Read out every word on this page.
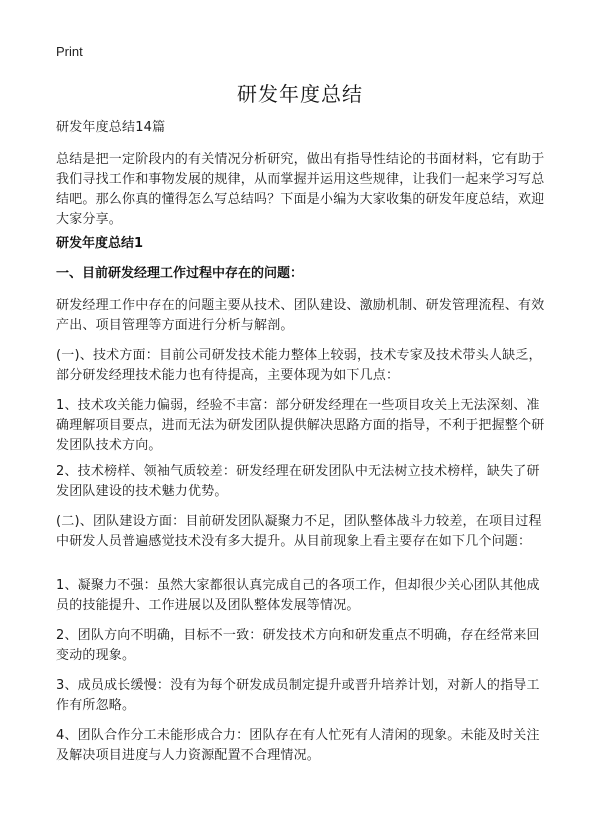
Print
研发年度总结

研发年度总结14篇

总结是把一定阶段内的有关情况分析研究，做出有指导性结论的书面材料，它有助于我们寻找工作和事物发展的规律，从而掌握并运用这些规律，让我们一起来学习写总结吧。那么你真的懂得怎么写总结吗？下面是小编为大家收集的研发年度总结，欢迎大家分享。

研发年度总结1

一、目前研发经理工作过程中存在的问题：

研发经理工作中存在的问题主要从技术、团队建设、激励机制、研发管理流程、有效产出、项目管理等方面进行分析与解剖。

(一)、技术方面：目前公司研发技术能力整体上较弱，技术专家及技术带头人缺乏，部分研发经理技术能力也有待提高，主要体现为如下几点：

1、技术攻关能力偏弱，经验不丰富：部分研发经理在一些项目攻关上无法深刻、准确理解项目要点，进而无法为研发团队提供解决思路方面的指导，不利于把握整个研发团队技术方向。

2、技术榜样、领袖气质较差：研发经理在研发团队中无法树立技术榜样，缺失了研发团队建设的技术魅力优势。

(二)、团队建设方面：目前研发团队凝聚力不足，团队整体战斗力较差，在项目过程中研发人员普遍感觉技术没有多大提升。从目前现象上看主要存在如下几个问题：

1、凝聚力不强：虽然大家都很认真完成自己的各项工作，但却很少关心团队其他成员的技能提升、工作进展以及团队整体发展等情况。

2、团队方向不明确，目标不一致：研发技术方向和研发重点不明确，存在经常来回变动的现象。

3、成员成长缓慢：没有为每个研发成员制定提升或晋升培养计划，对新人的指导工作有所忽略。

4、团队合作分工未能形成合力：团队存在有人忙死有人清闲的现象。未能及时关注及解决项目进度与人力资源配置不合理情况。
